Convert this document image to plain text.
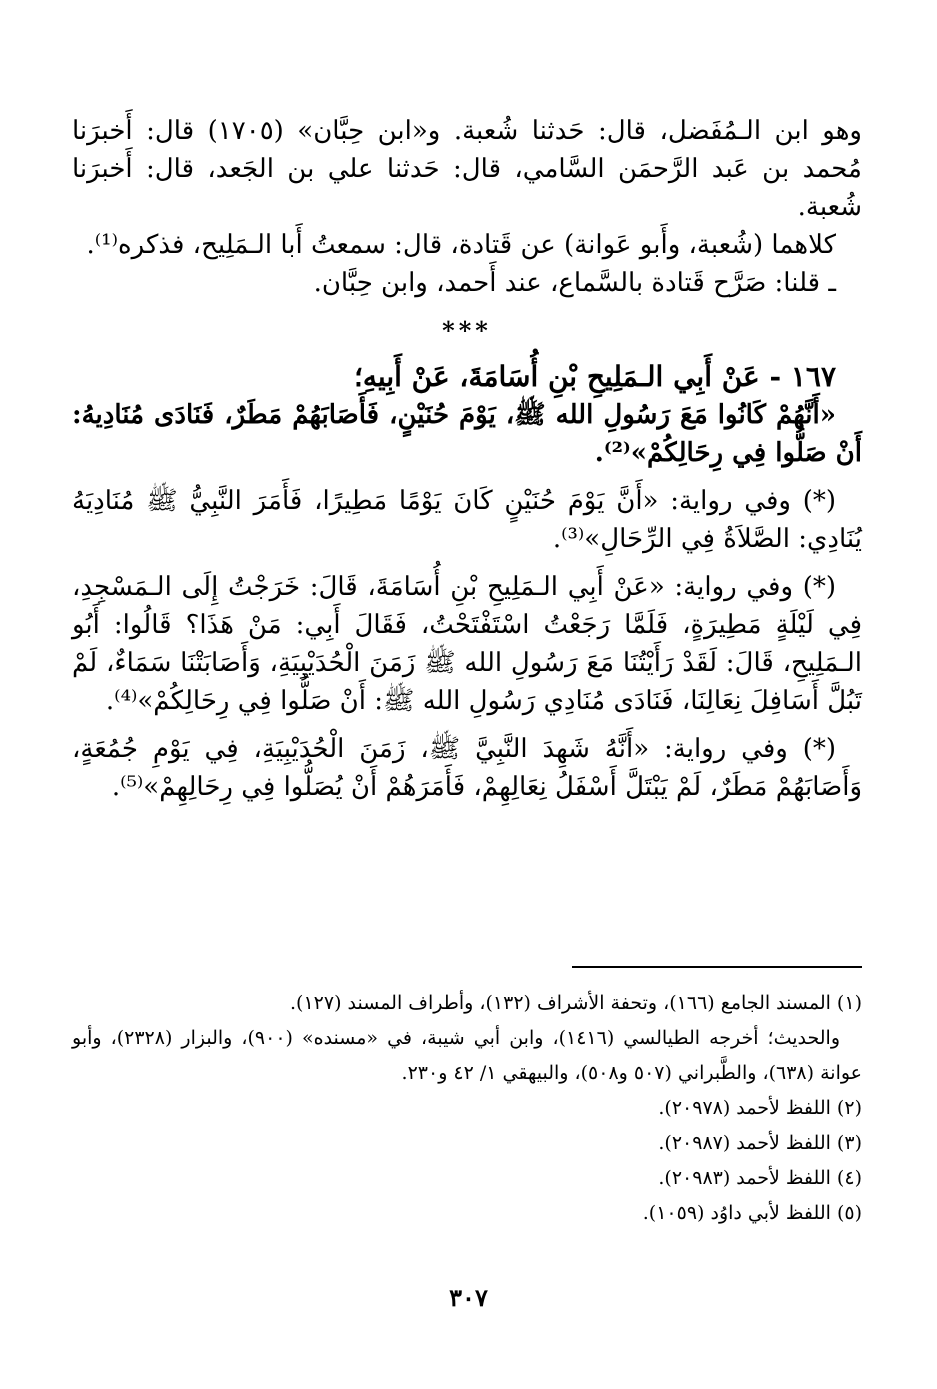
وهو ابن الـمُفَضل، قال: حَدثنا شُعبة. و«ابن حِبَّان» (١٧٠٥) قال: أَخبرَنا مُحمد بن عَبد الرَّحمَن السَّامي، قال: حَدثنا علي بن الجَعد، قال: أَخبرَنا شُعبة.

كلاهما (شُعبة، وأَبو عَوانة) عن قَتادة، قال: سمعتُ أَبا الـمَلِيح، فذكره⁽¹⁾.

ـ قلنا: صَرَّح قَتادة بالسَّماع، عند أَحمد، وابن حِبَّان.

***

١٦٧ - عَنْ أَبِي الـمَلِيحِ بْنِ أُسَامَةَ، عَنْ أَبِيهِ؛

«أَنَّهُمْ كَانُوا مَعَ رَسُولِ الله ﷺ، يَوْمَ حُنَيْنٍ، فَأَصَابَهُمْ مَطَرٌ، فَنَادَى مُنَادِيهُ: أَنْ صَلُّوا فِي رِحَالِكُمْ»⁽²⁾.

(*) وفي رواية: «أَنَّ يَوْمَ حُنَيْنٍ كَانَ يَوْمًا مَطِيرًا، فَأَمَرَ النَّبِيُّ ﷺ مُنَادِيَهُ يُنَادِي: الصَّلاَةُ فِي الرِّحَالِ»⁽³⁾.

(*) وفي رواية: «عَنْ أَبِي الـمَلِيحِ بْنِ أُسَامَةَ، قَالَ: خَرَجْتُ إِلَى الـمَسْجِدِ، فِي لَيْلَةٍ مَطِيرَةٍ، فَلَمَّا رَجَعْتُ اسْتَفْتَحْتُ، فَقَالَ أَبِي: مَنْ هَذَا؟ قَالُوا: أَبُو الـمَلِيحِ، قَالَ: لَقَدْ رَأَيْتُنَا مَعَ رَسُولِ الله ﷺ زَمَنَ الْحُدَيْبِيَةِ، وَأَصَابَتْنَا سَمَاءٌ، لَمْ تَبُلَّ أَسَافِلَ نِعَالِنَا، فَنَادَى مُنَادِي رَسُولِ الله ﷺ: أَنْ صَلُّوا فِي رِحَالِكُمْ»⁽⁴⁾.

(*) وفي رواية: «أَنَّهُ شَهِدَ النَّبِيَّ ﷺ، زَمَنَ الْحُدَيْبِيَةِ، فِي يَوْمِ جُمُعَةٍ، وَأَصَابَهُمْ مَطَرٌ، لَمْ يَبْتَلَّ أَسْفَلُ نِعَالِهِمْ، فَأَمَرَهُمْ أَنْ يُصَلُّوا فِي رِحَالِهِمْ»⁽⁵⁾.

(١) المسند الجامع (١٦٦)، وتحفة الأشراف (١٣٢)، وأطراف المسند (١٢٧).

والحديث؛ أخرجه الطيالسي (١٤١٦)، وابن أبي شيبة، في «مسنده» (٩٠٠)، والبزار (٢٣٢٨)، وأبو عوانة (٦٣٨)، والطَّبراني (٥٠٧ و٥٠٨)، والبيهقي ١/ ٤٢ و٢٣٠.

(٢) اللفظ لأحمد (٢٠٩٧٨).

(٣) اللفظ لأحمد (٢٠٩٨٧).

(٤) اللفظ لأحمد (٢٠٩٨٣).

(٥) اللفظ لأبي داوُد (١٠٥٩).

٣٠٧
